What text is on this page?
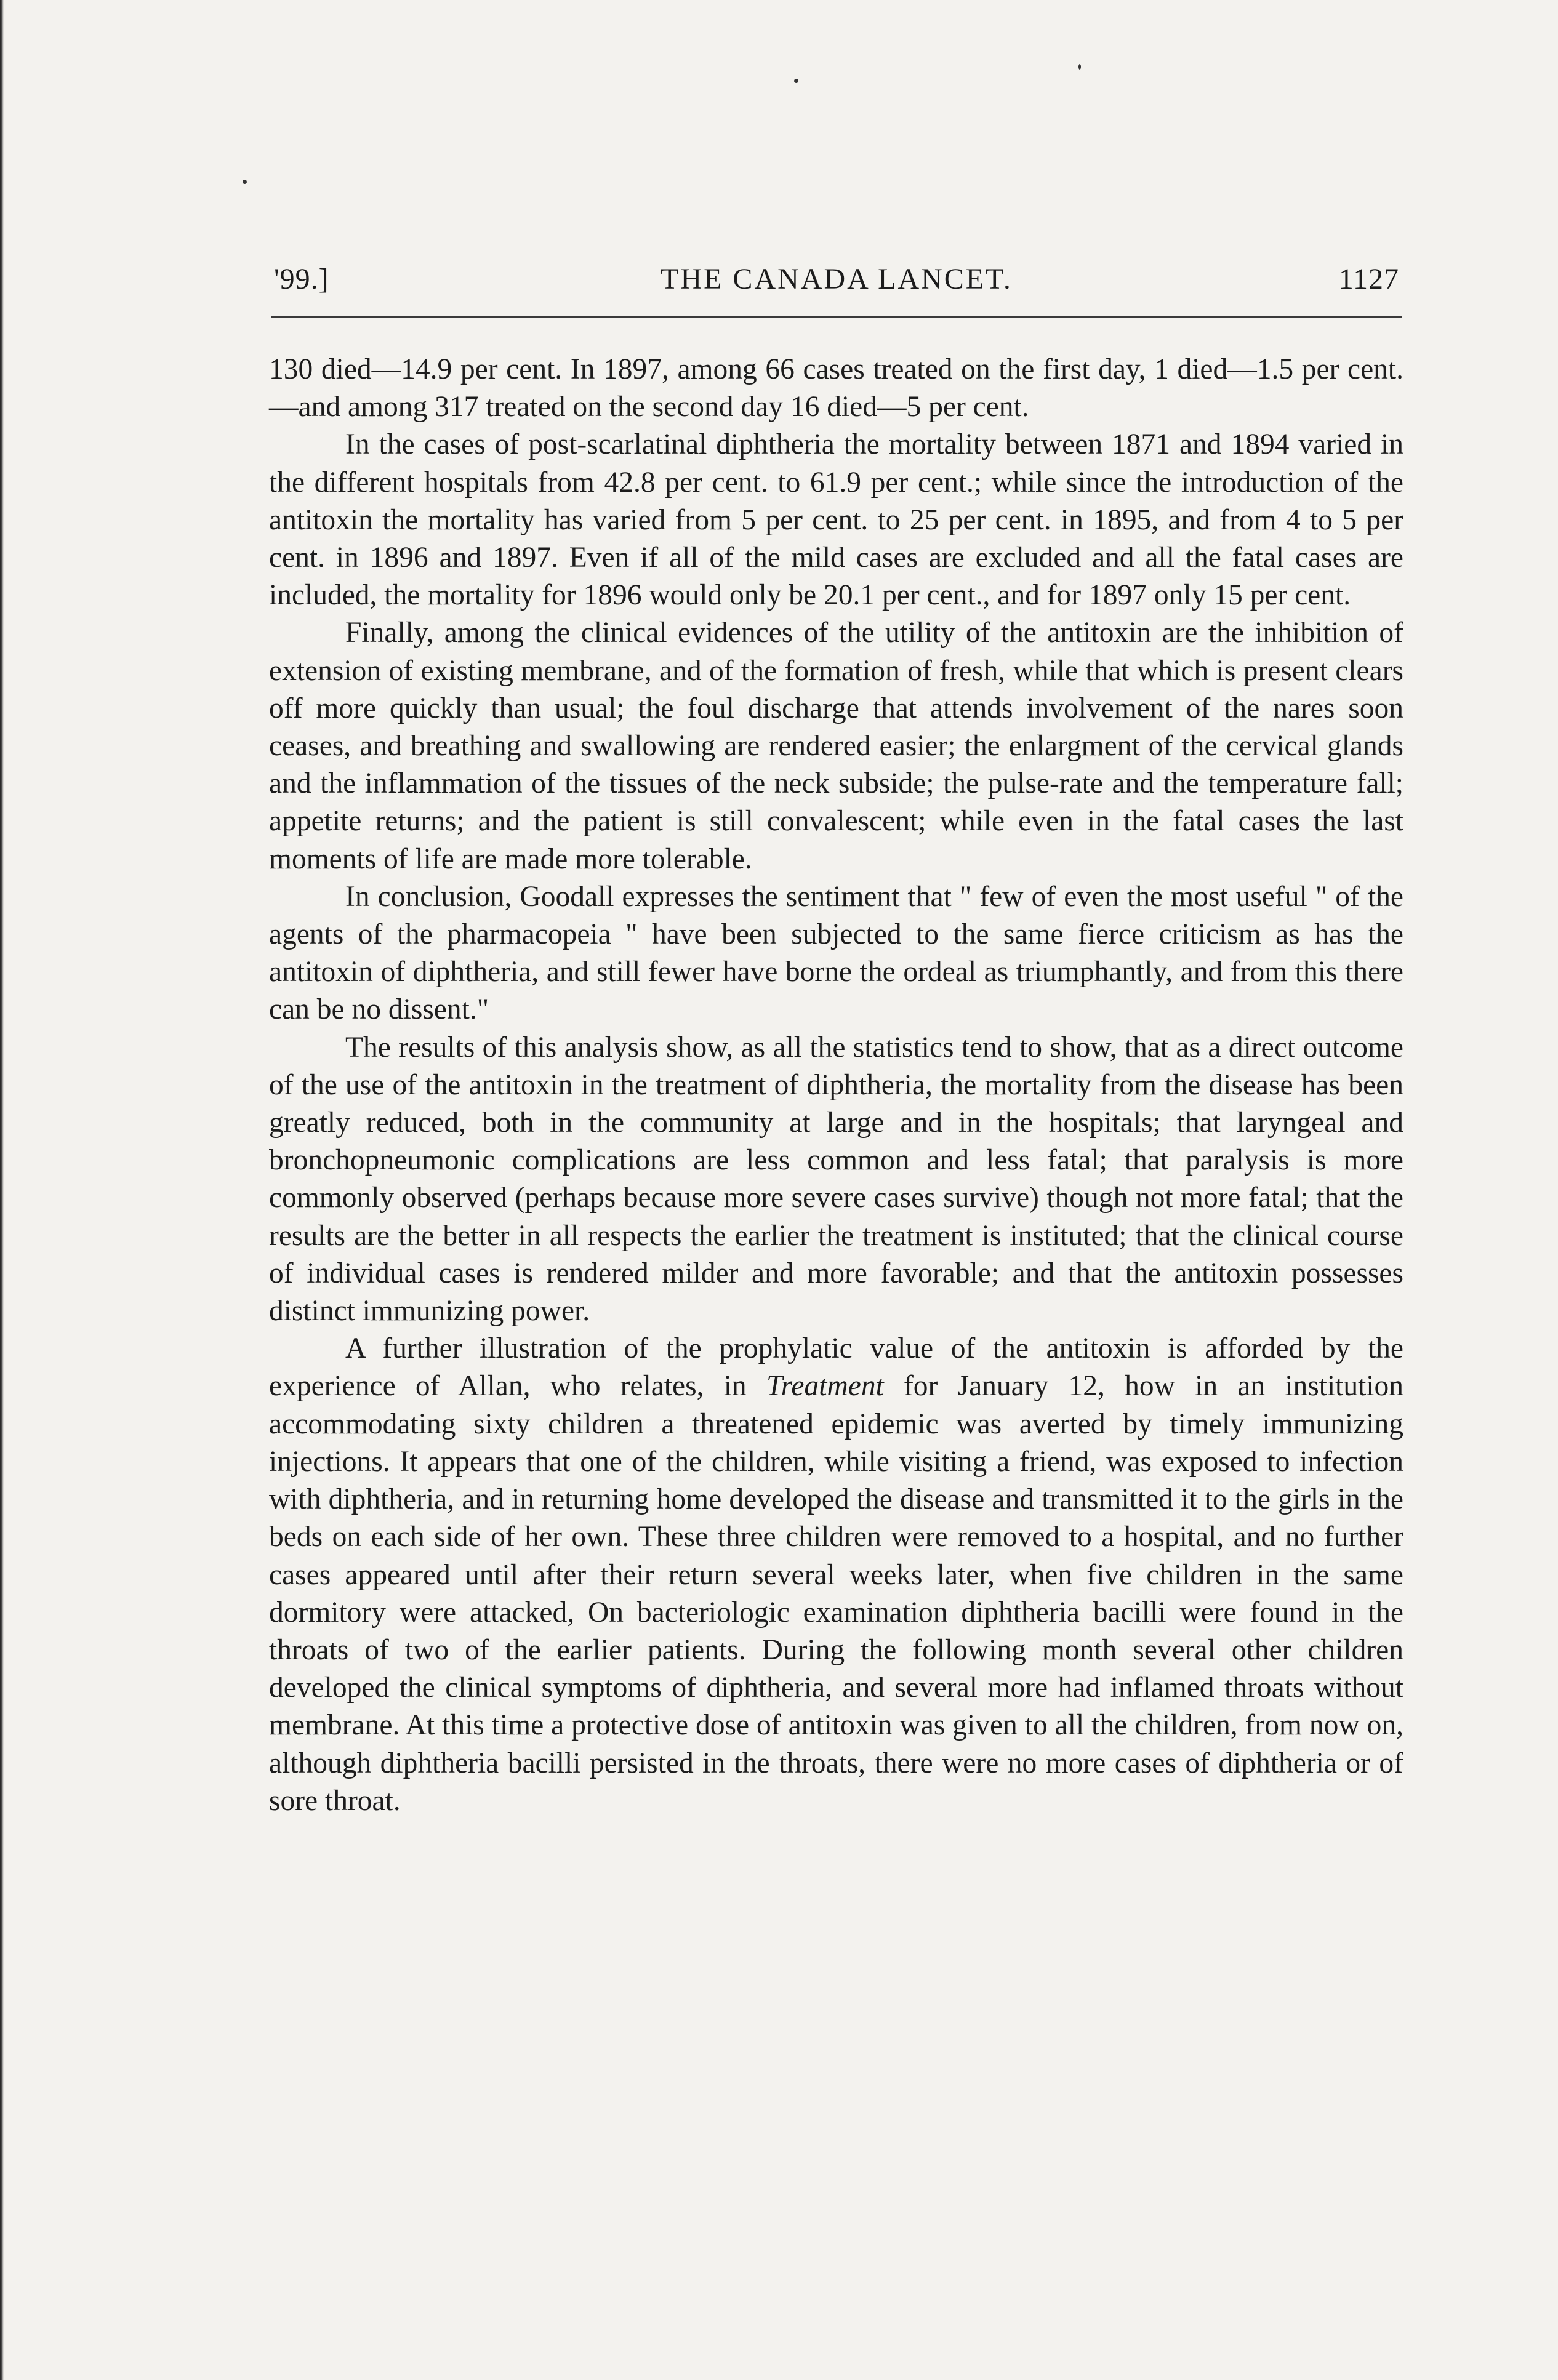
'99.]	THE CANADA LANCET.	1127

130 died—14.9 per cent. In 1897, among 66 cases treated on the first day, 1 died—1.5 per cent.—and among 317 treated on the second day 16 died—5 per cent.

In the cases of post-scarlatinal diphtheria the mortality between 1871 and 1894 varied in the different hospitals from 42.8 per cent. to 61.9 per cent.; while since the introduction of the antitoxin the mortality has varied from 5 per cent. to 25 per cent. in 1895, and from 4 to 5 per cent. in 1896 and 1897. Even if all of the mild cases are excluded and all the fatal cases are included, the mortality for 1896 would only be 20.1 per cent., and for 1897 only 15 per cent.

Finally, among the clinical evidences of the utility of the antitoxin are the inhibition of extension of existing membrane, and of the formation of fresh, while that which is present clears off more quickly than usual; the foul discharge that attends involvement of the nares soon ceases, and breathing and swallowing are rendered easier; the enlargment of the cervical glands and the inflammation of the tissues of the neck subside; the pulse-rate and the temperature fall; appetite returns; and the patient is still convalescent; while even in the fatal cases the last moments of life are made more tolerable.

In conclusion, Goodall expresses the sentiment that " few of even the most useful " of the agents of the pharmacopeia " have been subjected to the same fierce criticism as has the antitoxin of diphtheria, and still fewer have borne the ordeal as triumphantly, and from this there can be no dissent."

The results of this analysis show, as all the statistics tend to show, that as a direct outcome of the use of the antitoxin in the treatment of diphtheria, the mortality from the disease has been greatly reduced, both in the community at large and in the hospitals; that laryngeal and bronchopneumonic complications are less common and less fatal; that paralysis is more commonly observed (perhaps because more severe cases survive) though not more fatal; that the results are the better in all respects the earlier the treatment is instituted; that the clinical course of individual cases is rendered milder and more favorable; and that the antitoxin possesses distinct immunizing power.

A further illustration of the prophylatic value of the antitoxin is afforded by the experience of Allan, who relates, in Treatment for January 12, how in an institution accommodating sixty children a threatened epidemic was averted by timely immunizing injections. It appears that one of the children, while visiting a friend, was exposed to infection with diphtheria, and in returning home developed the disease and transmitted it to the girls in the beds on each side of her own. These three children were removed to a hospital, and no further cases appeared until after their return several weeks later, when five children in the same dormitory were attacked, On bacteriologic examination diphtheria bacilli were found in the throats of two of the earlier patients. During the following month several other children developed the clinical symptoms of diphtheria, and several more had inflamed throats without membrane. At this time a protective dose of antitoxin was given to all the children, from now on, although diphtheria bacilli persisted in the throats, there were no more cases of diphtheria or of sore throat.
